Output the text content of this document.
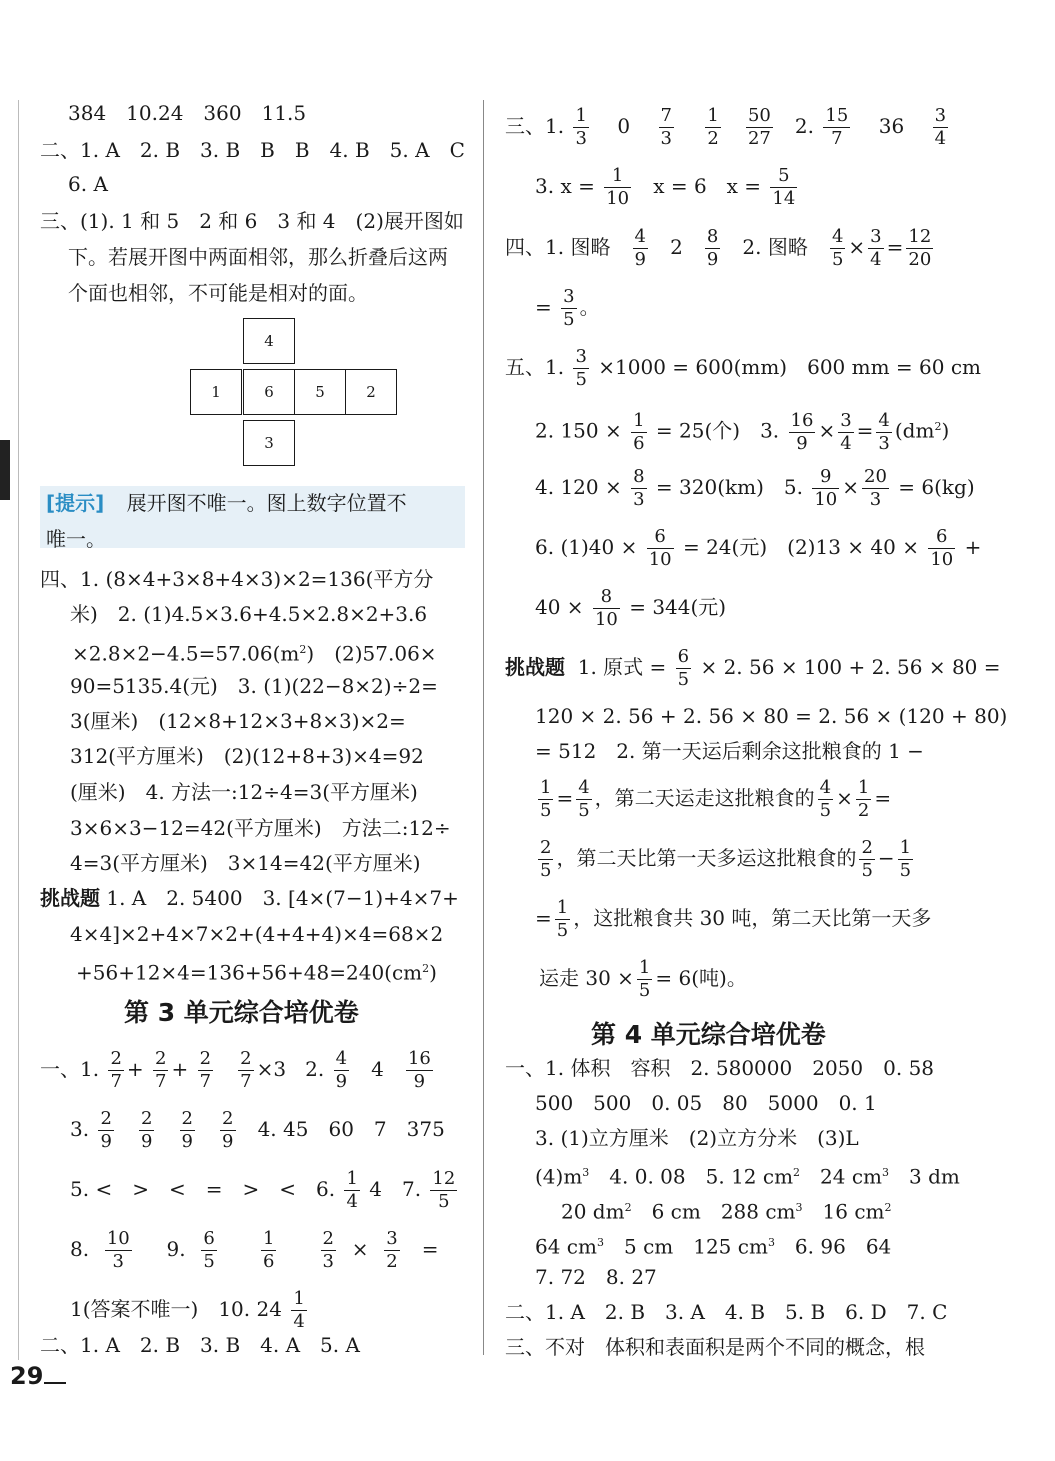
384　10.24　360　11.5
二、1. A　2. B　3. B　B　B　4. B　5. A　C
6. A
三、(1). 1 和 5　2 和 6　3 和 4　(2)展开图如
下。若展开图中两面相邻，那么折叠后这两
个面也相邻，不可能是相对的面。
4
1	6	5	2
3
[提示] 展开图不唯一。图上数字位置不
唯一。
四、1. (8×4+3×8+4×3)×2=136(平方分
米)　2. (1)4.5×3.6+4.5×2.8×2+3.6
$\times 2.8\times 2-4.5=57.06(m^2)$　(2)57.06×
90=5135.4(元)　3. (1)(22−8×2)÷2=
3(厘米)　(12×8+12×3+8×3)×2=
312(平方厘米)　(2)(12+8+3)×4=92
(厘米)　4. 方法一:12÷4=3(平方厘米)
3×6×3−12=42(平方厘米)　方法二:12÷
4=3(平方厘米)　3×14=42(平方厘米)
挑战题 1. A　2. 5400　3. [4×(7−1)+4×7+
4×4]×2+4×7×2+(4+4+4)×4=68×2
$+56+12\times 4=136+56+48=240(cm^2)$
第 3 单元综合培优卷
一、1. $\frac{2}{7} + \frac{2}{7} + \frac{2}{7}$
$\frac{2}{7} \times 3$ 2. $\frac{4}{9} 4 \frac{16}{9}$
3. $\frac{2}{9}$
$\frac{2}{9}$
$\frac{2}{9}$
$\frac{2}{9} 4$. 45　60　7　375
5. <　>　<　=　>　<　6. $\frac{1}{4} 4$　7. $\frac{12}{5}$
8. $\frac{10}{3} 9$. $\frac{6}{5}$
$\frac{1}{6}$
$\frac{2}{3} \times \frac{3}{2}$ =
1(答案不唯一)　10. $24 \frac{1}{4}$
二、1. A　2. B　3. B　4. A　5. A
三、1. $\frac{1}{3} 0 \frac{7}{3}$
$\frac{1}{2}$
$\frac{50}{27} 2$. $\frac{15}{7} 36 \frac{3}{4}$
3. $x = \frac{1}{10}$ x = 6　$x = \frac{5}{14}$
四、1. 图略 $\frac{4}{9} 2 \frac{8}{9} 2$. 图略 $\frac{4}{5} \times \frac{3}{4} = \frac{12}{20}$
= $\frac{3}{5}$ 。
五、1. $\frac{3}{5} \times 1000 = 600(mm)$　600 mm = 60 cm
2. $150 \times \frac{1}{6} = 25$(个)　3. $\frac{16}{9} \times \frac{3}{4} = \frac{4}{3} (dm^2)$
4. $120 \times \frac{8}{3} = 320(km)$　5. $\frac{9}{10} \times \frac{20}{3} = 6(kg)$
6. $(1)40 \times \frac{6}{10} = 24$(元)　$(2)13 \times 40 \times \frac{6}{10}$ +
$40 \times \frac{8}{10} = 344$(元)
挑战题 1. 原式 = $\frac{6}{5} \times 2$. 56 × 100 + 2. 56 × 80 =
120 × 2. 56 + 2. 56 × 80 = 2. 56 × (120 + 80)
= 512　2. 第一天运后剩余这批粮食的 1 −
$\frac{1}{5} = \frac{4}{5}$ ，第二天运走这批粮食的 $\frac{4}{5} \times \frac{1}{2}$ =
$\frac{2}{5}$ ，第二天比第一天多运这批粮食的 $\frac{2}{5} - \frac{1}{5}$
= $\frac{1}{5}$ ，这批粮食共 30 吨，第二天比第一天多
运走 $30 \times \frac{1}{5} = 6$(吨)。
第 4 单元综合培优卷
一、1. 体积　容积　2. 580000　2050　0. 58
500　500　0. 05　80　5000　0. 1
3. (1)立方厘米　(2)立方分米　(3)L
$(4)m^3$　4. 0. 08　5. 12 $cm^2$　24 $cm^3$　3 dm
20 $dm^2$　6 cm　288 $cm^3$　16 $cm^2$
64 $cm^3$　5 cm　125 $cm^3$　6. 96　64
7. 72　8. 27
二、1. A　2. B　3. A　4. B　5. B　6. D　7. C
三、不对　体积和表面积是两个不同的概念，根
29
